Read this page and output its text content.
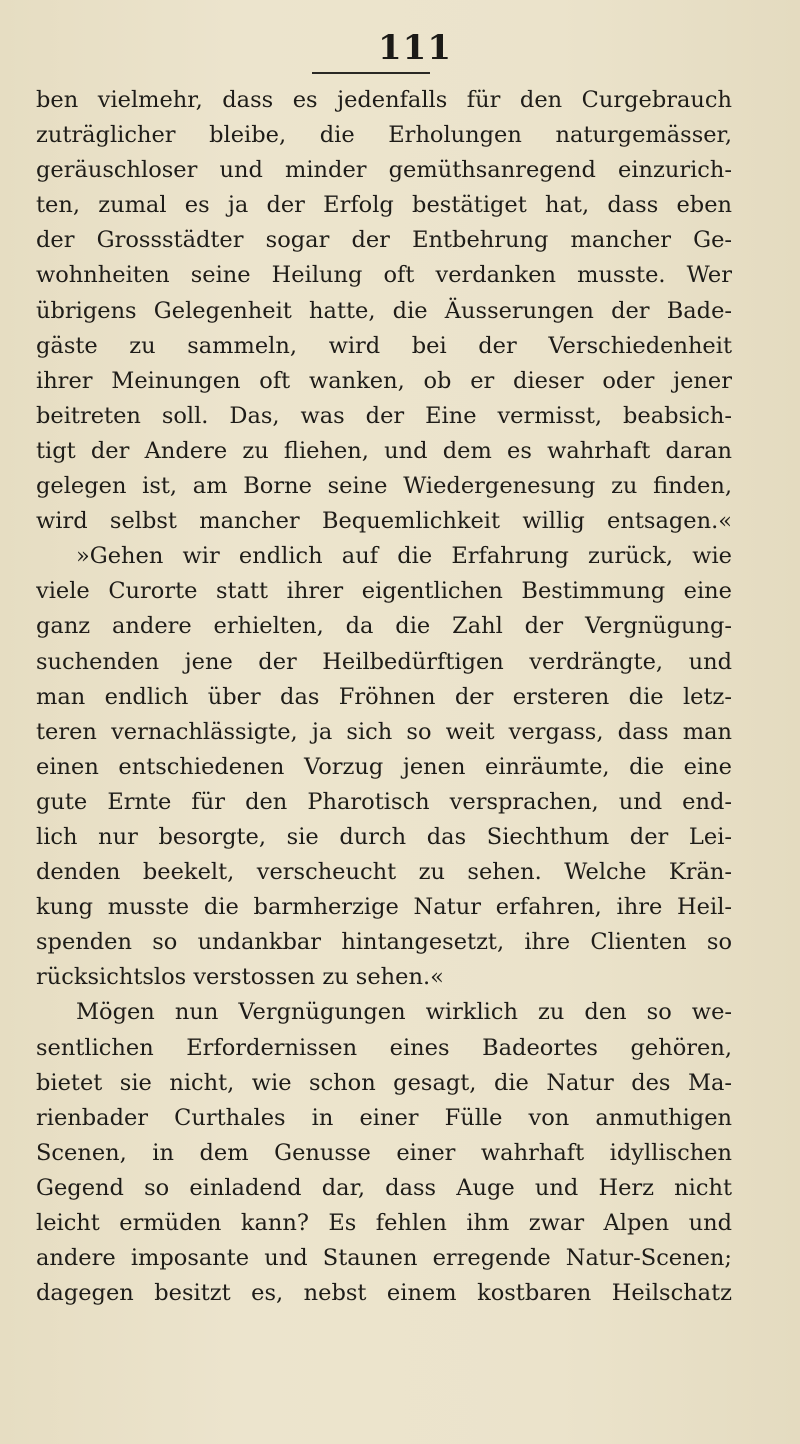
111
ben vielmehr, dass es jedenfalls für den Curgebrauch
zuträglicher bleibe, die Erholungen naturgemässer,
geräuschloser und minder gemüthsanregend einzurich-
ten, zumal es ja der Erfolg bestätiget hat, dass eben
der Grossstädter sogar der Entbehrung mancher Ge-
wohnheiten seine Heilung oft verdanken musste. Wer
übrigens Gelegenheit hatte, die Äusserungen der Bade-
gäste zu sammeln, wird bei der Verschiedenheit
ihrer Meinungen oft wanken, ob er dieser oder jener
beitreten soll. Das, was der Eine vermisst, beabsich-
tigt der Andere zu fliehen, und dem es wahrhaft daran
gelegen ist, am Borne seine Wiedergenesung zu finden,
wird selbst mancher Bequemlichkeit willig entsagen.«
»Gehen wir endlich auf die Erfahrung zurück, wie
viele Curorte statt ihrer eigentlichen Bestimmung eine
ganz andere erhielten, da die Zahl der Vergnügung-
suchenden jene der Heilbedürftigen verdrängte, und
man endlich über das Fröhnen der ersteren die letz-
teren vernachlässigte, ja sich so weit vergass, dass man
einen entschiedenen Vorzug jenen einräumte, die eine
gute Ernte für den Pharotisch versprachen, und end-
lich nur besorgte, sie durch das Siechthum der Lei-
denden beekelt, verscheucht zu sehen. Welche Krän-
kung musste die barmherzige Natur erfahren, ihre Heil-
spenden so undankbar hintangesetzt, ihre Clienten so
rücksichtslos verstossen zu sehen.«
Mögen nun Vergnügungen wirklich zu den so we-
sentlichen Erfordernissen eines Badeortes gehören,
bietet sie nicht, wie schon gesagt, die Natur des Ma-
rienbader Curthales in einer Fülle von anmuthigen
Scenen, in dem Genusse einer wahrhaft idyllischen
Gegend so einladend dar, dass Auge und Herz nicht
leicht ermüden kann? Es fehlen ihm zwar Alpen und
andere imposante und Staunen erregende Natur-Scenen;
dagegen besitzt es, nebst einem kostbaren Heilschatz
